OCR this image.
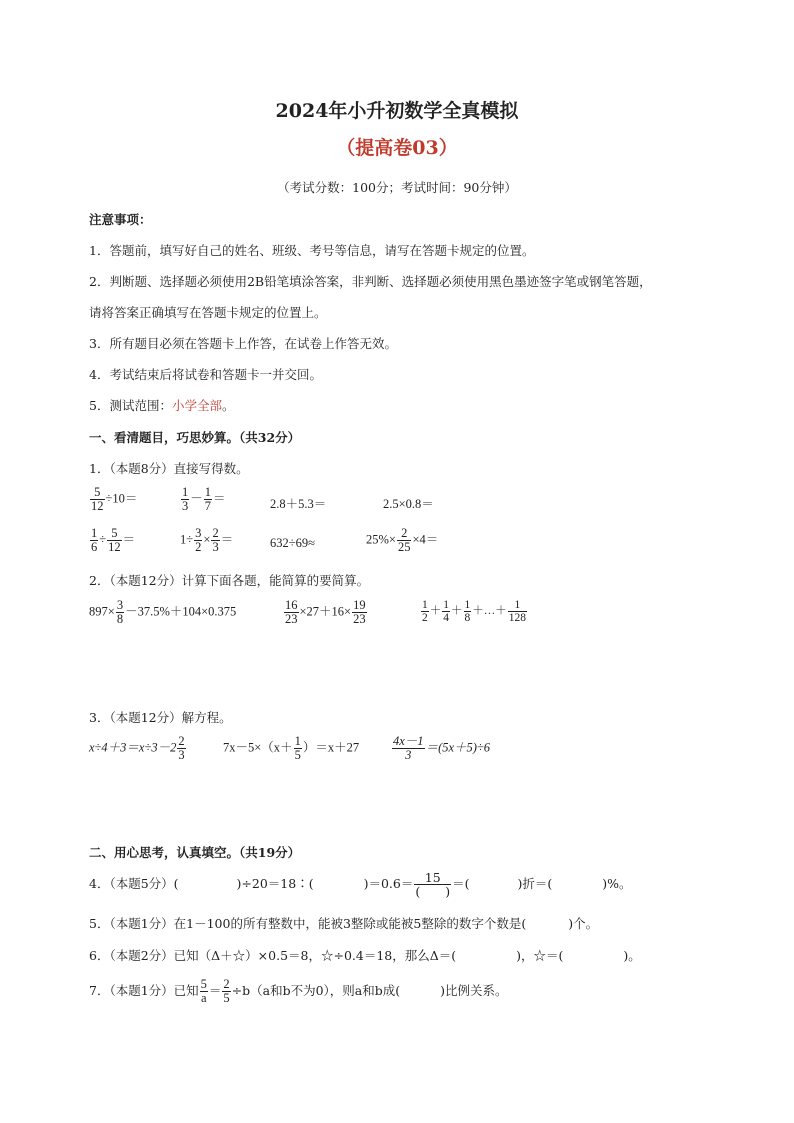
2024年小升初数学全真模拟
（提高卷03）
（考试分数：100分；考试时间：90分钟）
注意事项：
1．答题前，填写好自己的姓名、班级、考号等信息，请写在答题卡规定的位置。
2．判断题、选择题必须使用2B铅笔填涂答案，非判断、选择题必须使用黑色墨迹签字笔或钢笔答题，
请将答案正确填写在答题卡规定的位置上。
3．所有题目必须在答题卡上作答，在试卷上作答无效。
4．考试结束后将试卷和答题卡一并交回。
5．测试范围：小学全部。
一、看清题目，巧思妙算。（共32分）
1．（本题8分）直接写得数。
$\frac{5}{12} \div 10=$	$\frac{1}{3} - \frac{1}{7}$ ＝	2.8＋5.3＝	2.5×0.8＝
$\frac{1}{6} \div \frac{5}{12}$ ＝	$1\div \frac{3}{2} \times \frac{2}{3}$ ＝	632÷69≈	$25\%\times \frac{2}{25} \times 4=$
2．（本题12分）计算下面各题，能简算的要简算。
$897\times \frac{3}{8} -37.5\%+104\times 0.375$	$\frac{16}{23} \times 27+16\times \frac{19}{23}$	$\frac{1}{2} + \frac{1}{4} + \frac{1}{8}$ ＋…＋ $\frac{1}{128}$
3．（本题12分）解方程。
$x\div 4+3=x\div 3-2 \frac{2}{3}$	$7x-5\times(x+ \frac{1}{5} )=x+27$	$\frac{4x-1}{3} =(5x+5)\div 6$
二、用心思考，认真填空。（共19分）
4．（本题5分）(	)÷20＝18∶(	)$=0.6= \frac{15}{( )}$ ＝(	)折＝(	)%。
5．（本题1分）在1－100的所有整数中，能被3整除或能被5整除的数字个数是(	)个。
6．（本题2分）已知（Δ＋☆）×0.5＝8，☆÷0.4＝18，那么Δ＝(	)，☆＝(	)。
7．（本题1分）已知 $\frac{5}{a} = \frac{2}{5} \div b(a$和b不为0），则a和b成(	)比例关系。
